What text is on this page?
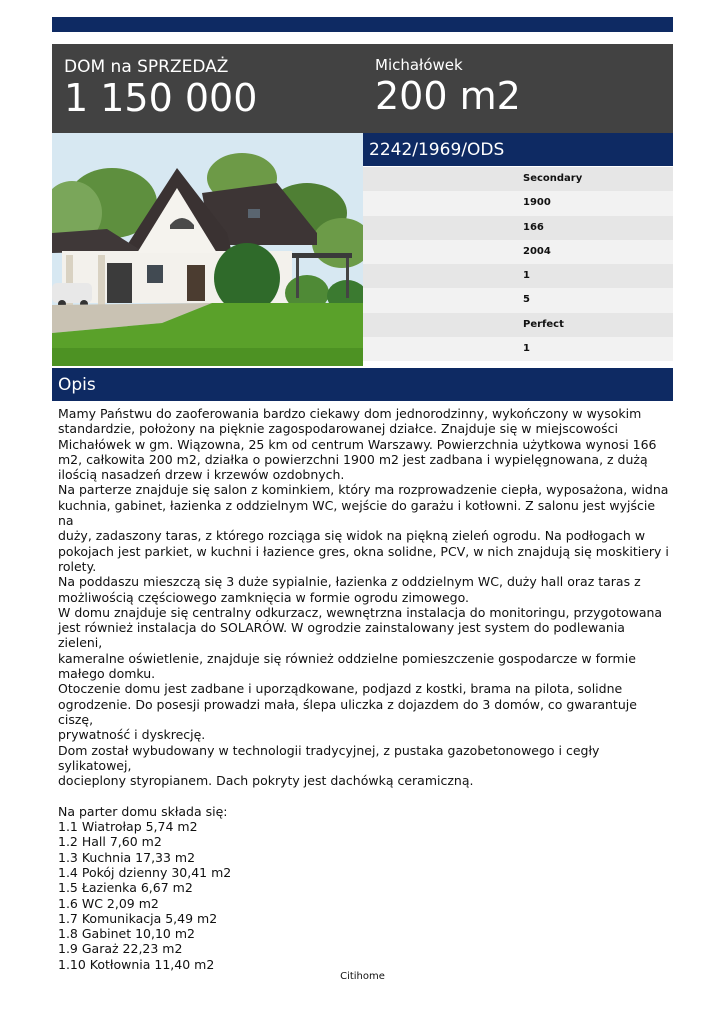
DOM na SPRZEDAŻ
1 150 000
Michałówek
200 m2
2242/1969/ODS
Secondary
1900
166
2004
1
5
Perfect
1
Opis

Mamy Państwu do zaoferowania bardzo ciekawy dom jednorodzinny, wykończony w wysokim

standardzie, położony na pięknie zagospodarowanej działce. Znajduje się w miejscowości

Michałówek w gm. Wiązowna, 25 km od centrum Warszawy. Powierzchnia użytkowa wynosi 166

m2, całkowita 200 m2, działka o powierzchni 1900 m2 jest zadbana i wypielęgnowana, z dużą

ilością nasadzeń drzew i krzewów ozdobnych.

Na parterze znajduje się salon z kominkiem, który ma rozprowadzenie ciepła, wyposażona, widna

kuchnia, gabinet, łazienka z oddzielnym WC, wejście do garażu i kotłowni. Z salonu jest wyjście na

duży, zadaszony taras, z którego rozciąga się widok na piękną zieleń ogrodu. Na podłogach w

pokojach jest parkiet, w kuchni i łazience gres, okna solidne, PCV, w nich znajdują się moskitiery i

rolety.

Na poddaszu mieszczą się 3 duże sypialnie, łazienka z oddzielnym WC, duży hall oraz taras z

możliwością częściowego zamknięcia w formie ogrodu zimowego.

W domu znajduje się centralny odkurzacz, wewnętrzna instalacja do monitoringu, przygotowana

jest również instalacja do SOLARÓW. W ogrodzie zainstalowany jest system do podlewania zieleni,

kameralne oświetlenie, znajduje się również oddzielne pomieszczenie gospodarcze w formie

małego domku.

Otoczenie domu jest zadbane i uporządkowane, podjazd z kostki, brama na pilota, solidne

ogrodzenie. Do posesji prowadzi mała, ślepa uliczka z dojazdem do 3 domów, co gwarantuje ciszę,

prywatność i dyskrecję.

Dom został wybudowany w technologii tradycyjnej, z pustaka gazobetonowego i cegły sylikatowej,

docieplony styropianem. Dach pokryty jest dachówką ceramiczną.

Na parter domu składa się:

1.1 Wiatrołap 5,74 m2

1.2 Hall 7,60 m2

1.3 Kuchnia 17,33 m2

1.4 Pokój dzienny 30,41 m2

1.5 Łazienka 6,67 m2

1.6 WC 2,09 m2

1.7 Komunikacja 5,49 m2

1.8 Gabinet 10,10 m2

1.9 Garaż 22,23 m2

1.10 Kotłownia 11,40 m2

Citihome
